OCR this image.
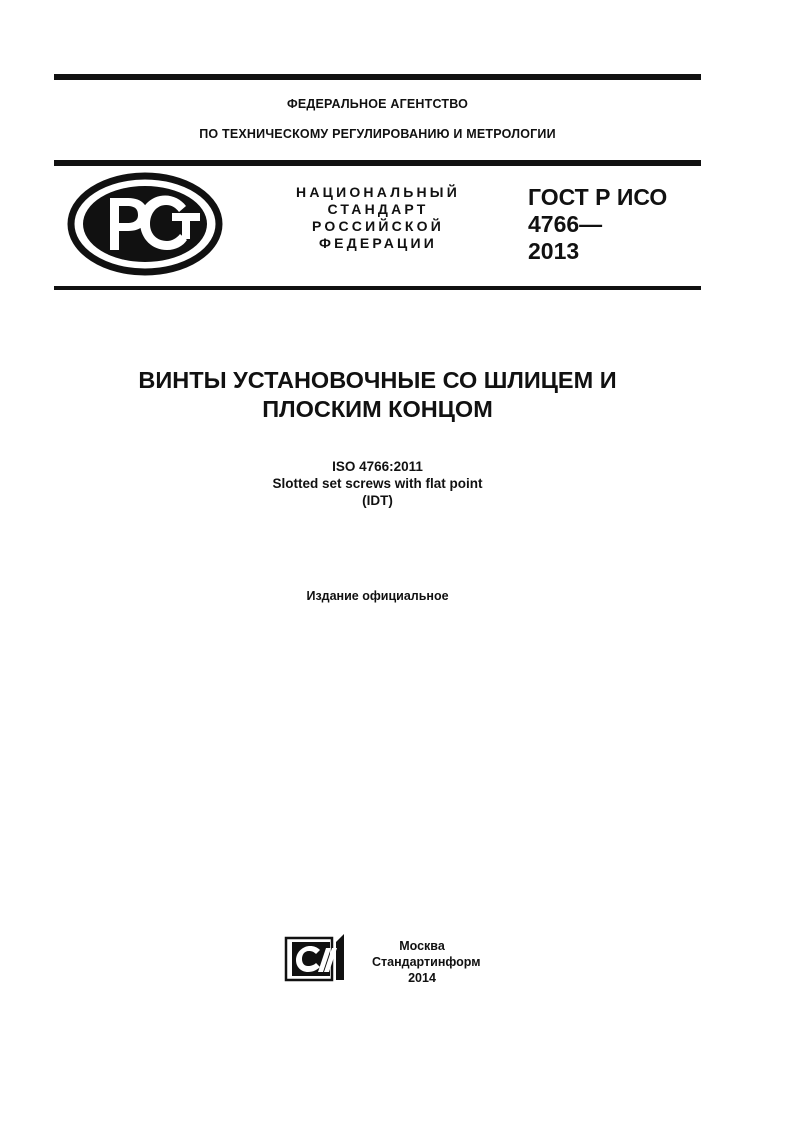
ФЕДЕРАЛЬНОЕ АГЕНТСТВО
ПО ТЕХНИЧЕСКОМУ РЕГУЛИРОВАНИЮ И МЕТРОЛОГИИ
НАЦИОНАЛЬНЫЙ
СТАНДАРТ
РОССИЙСКОЙ
ФЕДЕРАЦИИ
ГОСТ Р ИСО
4766—
2013
ВИНТЫ УСТАНОВОЧНЫЕ СО ШЛИЦЕМ И
ПЛОСКИМ КОНЦОМ
ISO 4766:2011
Slotted set screws with flat point
(IDT)
Издание официальное
Москва
Стандартинформ
2014
